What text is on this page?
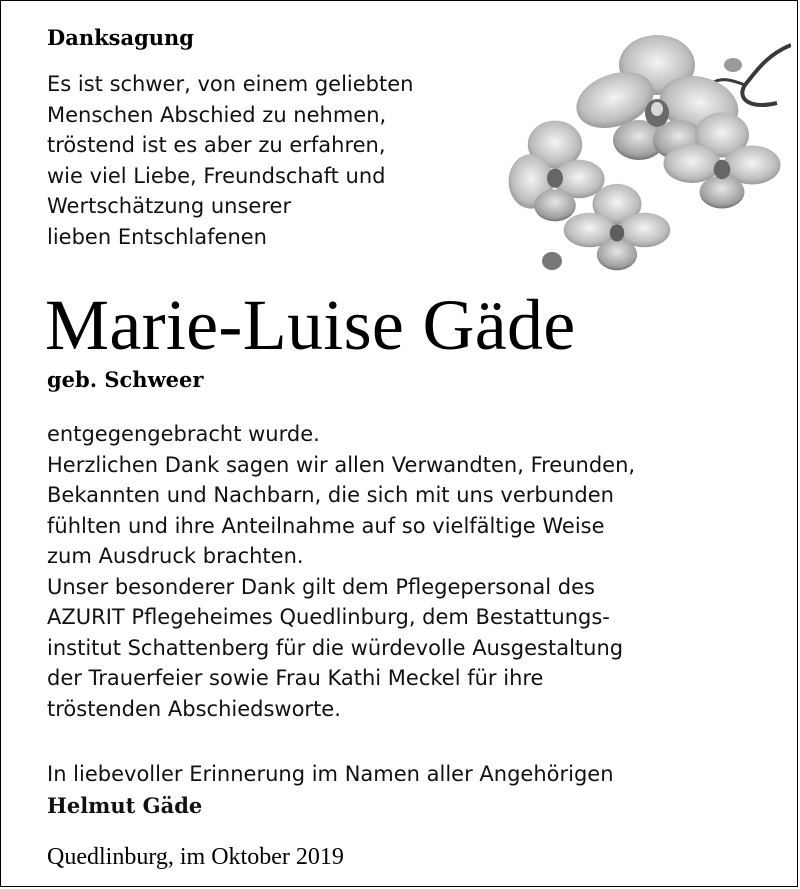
Danksagung
Es ist schwer, von einem geliebten
Menschen Abschied zu nehmen,
tröstend ist es aber zu erfahren,
wie viel Liebe, Freundschaft und
Wertschätzung unserer
lieben Entschlafenen
Marie-Luise Gäde
geb. Schweer
entgegengebracht wurde.
Herzlichen Dank sagen wir allen Verwandten, Freunden,
Bekannten und Nachbarn, die sich mit uns verbunden
fühlten und ihre Anteilnahme auf so vielfältige Weise
zum Ausdruck brachten.
Unser besonderer Dank gilt dem Pflegepersonal des
AZURIT Pflegeheimes Quedlinburg, dem Bestattungs-
institut Schattenberg für die würdevolle Ausgestaltung
der Trauerfeier sowie Frau Kathi Meckel für ihre
tröstenden Abschiedsworte.
In liebevoller Erinnerung im Namen aller Angehörigen
Helmut Gäde
Quedlinburg, im Oktober 2019
